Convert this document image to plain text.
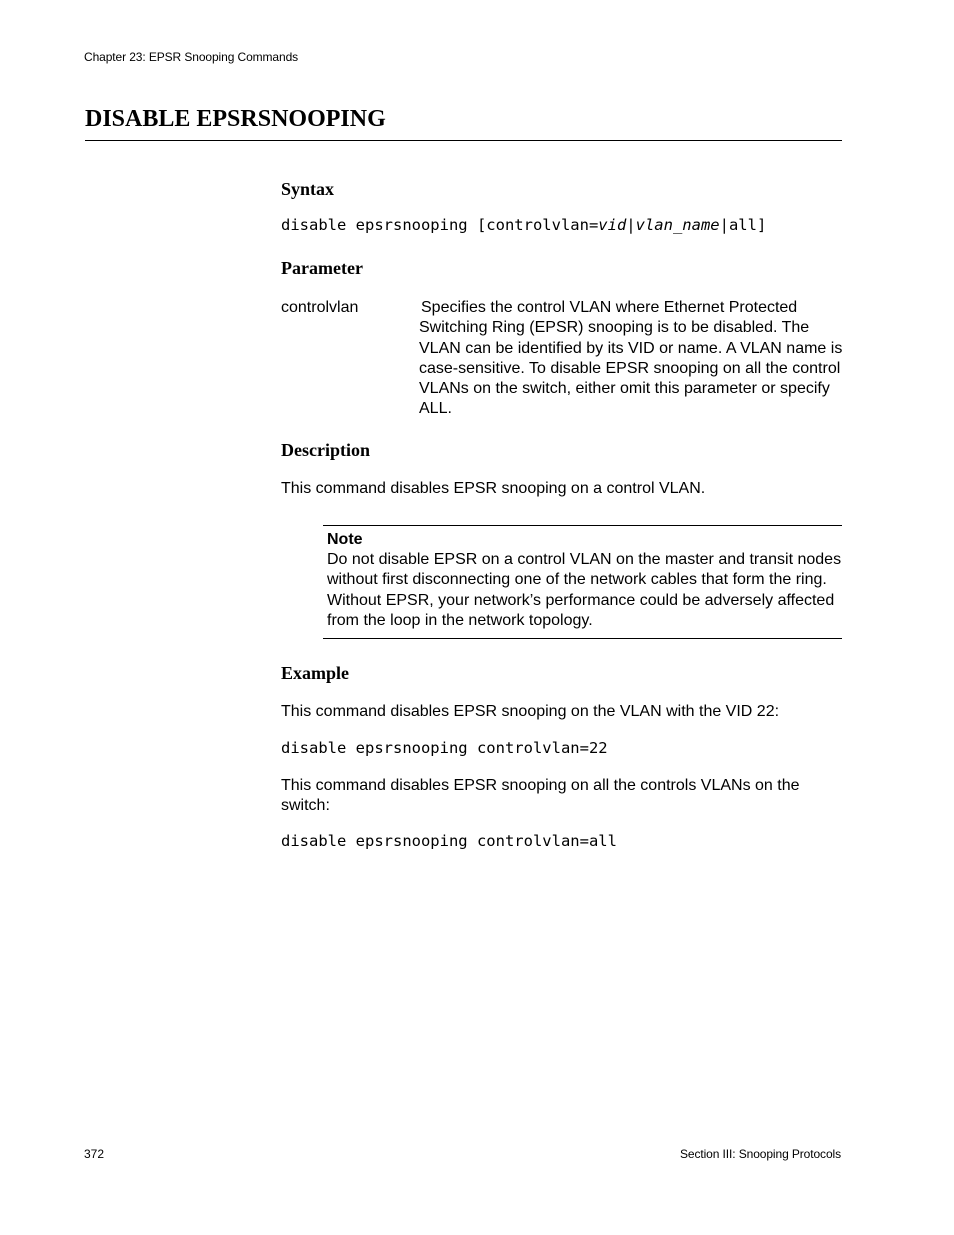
Chapter 23: EPSR Snooping Commands
DISABLE EPSRSNOOPING
Syntax
disable epsrsnooping [controlvlan=vid|vlan_name|all]
Parameter
controlvlan	Specifies the control VLAN where Ethernet Protected Switching Ring (EPSR) snooping is to be disabled. The VLAN can be identified by its VID or name. A VLAN name is case-sensitive. To disable EPSR snooping on all the control VLANs on the switch, either omit this parameter or specify ALL.
Description
This command disables EPSR snooping on a control VLAN.
Note
Do not disable EPSR on a control VLAN on the master and transit nodes without first disconnecting one of the network cables that form the ring. Without EPSR, your network’s performance could be adversely affected from the loop in the network topology.
Example
This command disables EPSR snooping on the VLAN with the VID 22:
disable epsrsnooping controlvlan=22
This command disables EPSR snooping on all the controls VLANs on the switch:
disable epsrsnooping controlvlan=all
372	Section III: Snooping Protocols
